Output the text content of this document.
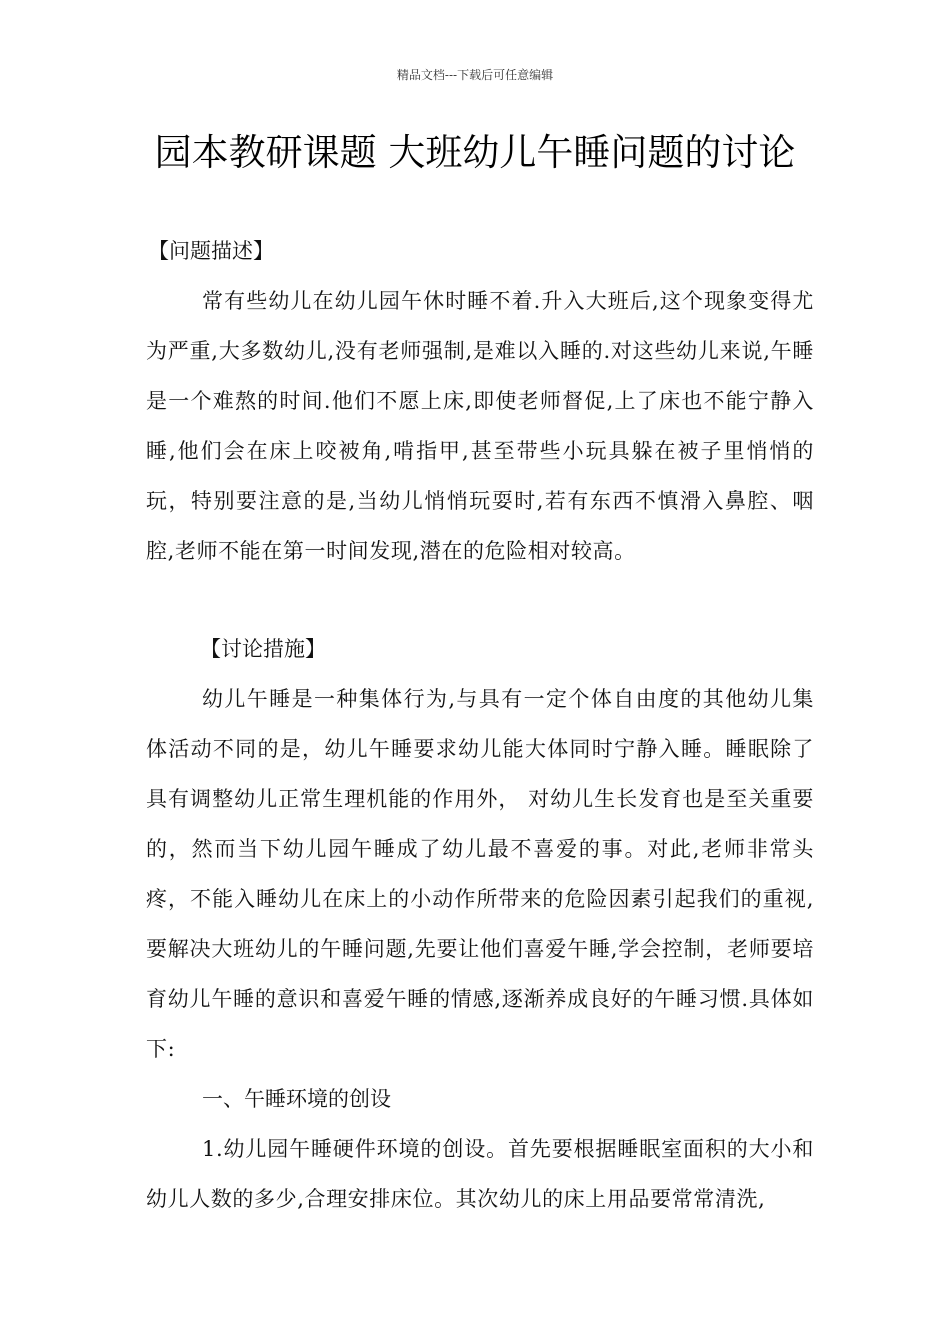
精品文档---下载后可任意编辑
园本教研课题 大班幼儿午睡问题的讨论
【问题描述】
常有些幼儿在幼儿园午休时睡不着.升入大班后,这个现象变得尤为严重,大多数幼儿,没有老师强制,是难以入睡的.对这些幼儿来说,午睡是一个难熬的时间.他们不愿上床,即使老师督促,上了床也不能宁静入睡,他们会在床上咬被角,啃指甲,甚至带些小玩具躲在被子里悄悄的玩，特别要注意的是,当幼儿悄悄玩耍时,若有东西不慎滑入鼻腔、咽腔,老师不能在第一时间发现,潜在的危险相对较高。
【讨论措施】
幼儿午睡是一种集体行为,与具有一定个体自由度的其他幼儿集体活动不同的是，幼儿午睡要求幼儿能大体同时宁静入睡。睡眠除了具有调整幼儿正常生理机能的作用外， 对幼儿生长发育也是至关重要的，然而当下幼儿园午睡成了幼儿最不喜爱的事。对此,老师非常头疼，不能入睡幼儿在床上的小动作所带来的危险因素引起我们的重视,要解决大班幼儿的午睡问题,先要让他们喜爱午睡,学会控制，老师要培育幼儿午睡的意识和喜爱午睡的情感,逐渐养成良好的午睡习惯.具体如下:
一、午睡环境的创设
1.幼儿园午睡硬件环境的创设。首先要根据睡眠室面积的大小和幼儿人数的多少,合理安排床位。其次幼儿的床上用品要常常清洗,
